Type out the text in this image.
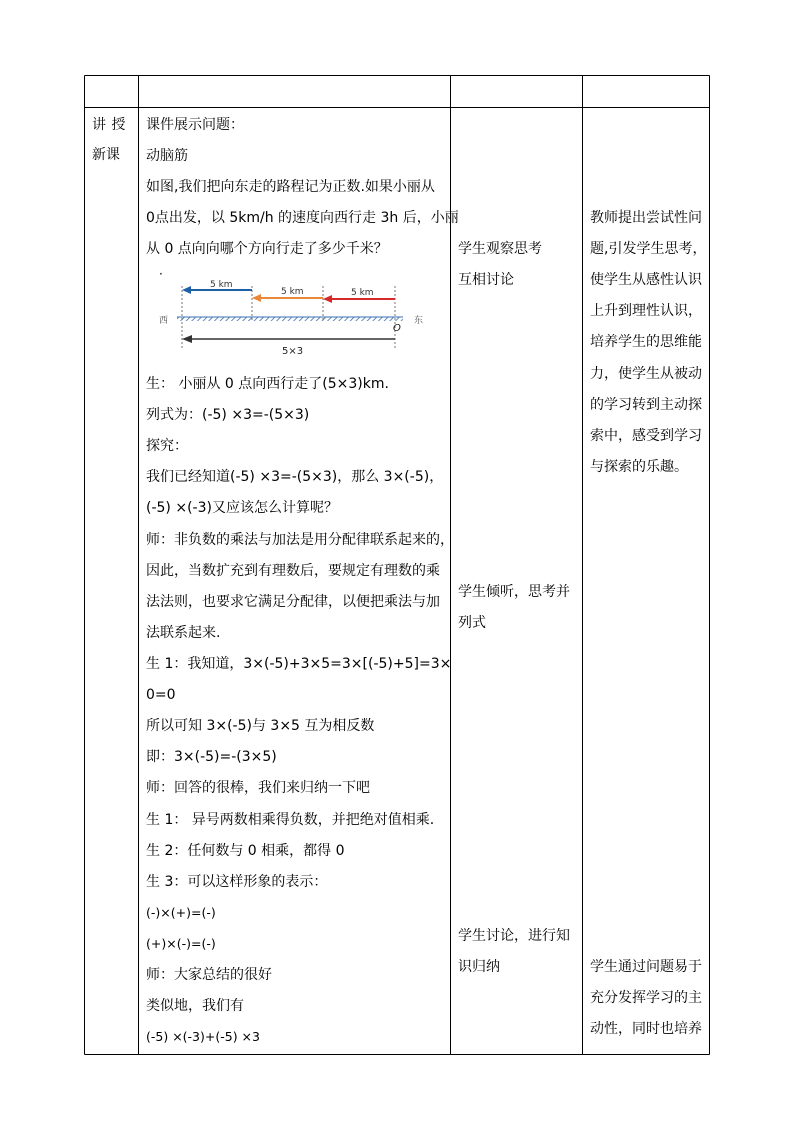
讲 授
新课
课件展示问题：
动脑筋
如图,我们把向东走的路程记为正数.如果小丽从
0点出发，以 5km/h 的速度向西行走 3h 后，小丽
从 0 点向向哪个方向行走了多少千米？
生： 小丽从 0 点向西行走了(5×3)km.
列式为：(-5) ×3=-(5×3)
探究：
我们已经知道(-5) ×3=-(5×3)，那么 3×(-5)，
(-5) ×(-3)又应该怎么计算呢？
师：非负数的乘法与加法是用分配律联系起来的，
因此，当数扩充到有理数后，要规定有理数的乘
法法则，也要求它满足分配律，以便把乘法与加
法联系起来.
生 1：我知道，3×(-5)+3×5=3×[(-5)+5]=3×
0=0
所以可知 3×(-5)与 3×5 互为相反数
即：3×(-5)=-(3×5)
师：回答的很棒，我们来归纳一下吧
生 1： 异号两数相乘得负数，并把绝对值相乘.
生 2：任何数与 0 相乘，都得 0
生 3：可以这样形象的表示：
(-)×(+)=(-)
(+)×(-)=(-)
师：大家总结的很好
类似地，我们有
(-5) ×(-3)+(-5) ×3
·
5 km
5 km	5 km
西	东
O
5×3
学生观察思考
互相讨论
学生倾听，思考并
列式
学生讨论，进行知
识归纳
教师提出尝试性问
题,引发学生思考，
使学生从感性认识
上升到理性认识，
培养学生的思维能
力，使学生从被动
的学习转到主动探
索中，感受到学习
与探索的乐趣。
学生通过问题易于
充分发挥学习的主
动性，同时也培养
